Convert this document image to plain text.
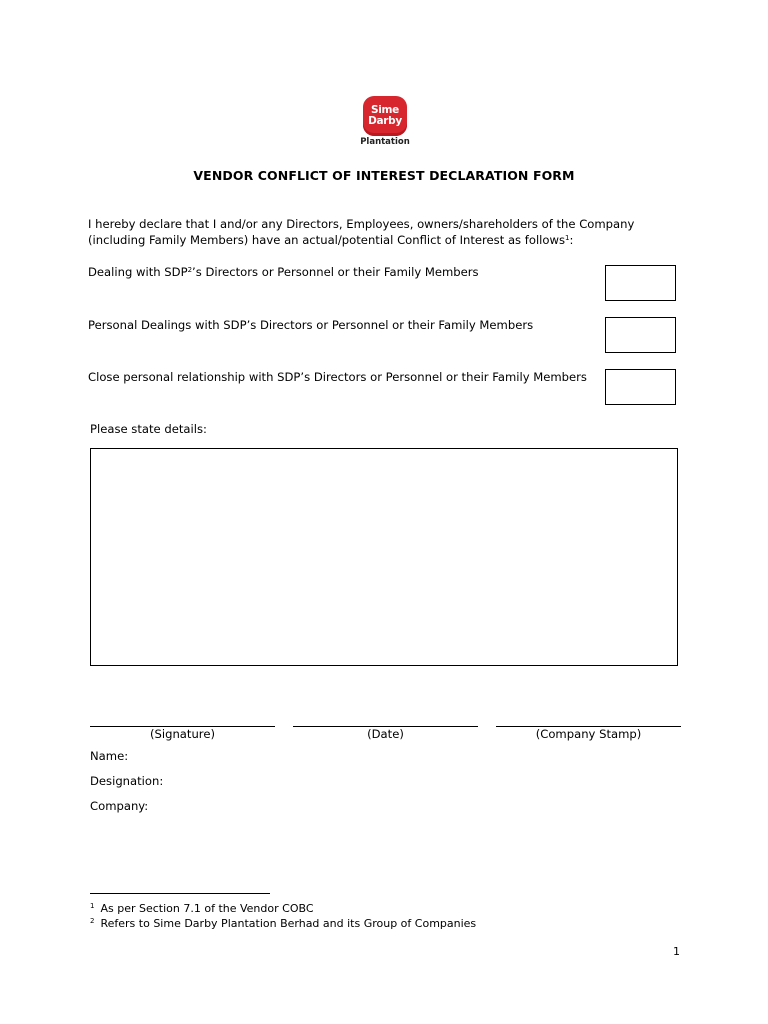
Sime
Darby
Plantation
VENDOR CONFLICT OF INTEREST DECLARATION FORM
I hereby declare that I and/or any Directors, Employees, owners/shareholders of the Company
(including Family Members) have an actual/potential Conflict of Interest as follows$^1$:
Dealing with SDP$^2$’s Directors or Personnel or their Family Members
Personal Dealings with SDP’s Directors or Personnel or their Family Members
Close personal relationship with SDP’s Directors or Personnel or their Family Members
Please state details:
(Signature)	(Date)	(Company Stamp)
Name:
Designation:
Company:
$^1$ As per Section 7.1 of the Vendor COBC
$^2$ Refers to Sime Darby Plantation Berhad and its Group of Companies
1
